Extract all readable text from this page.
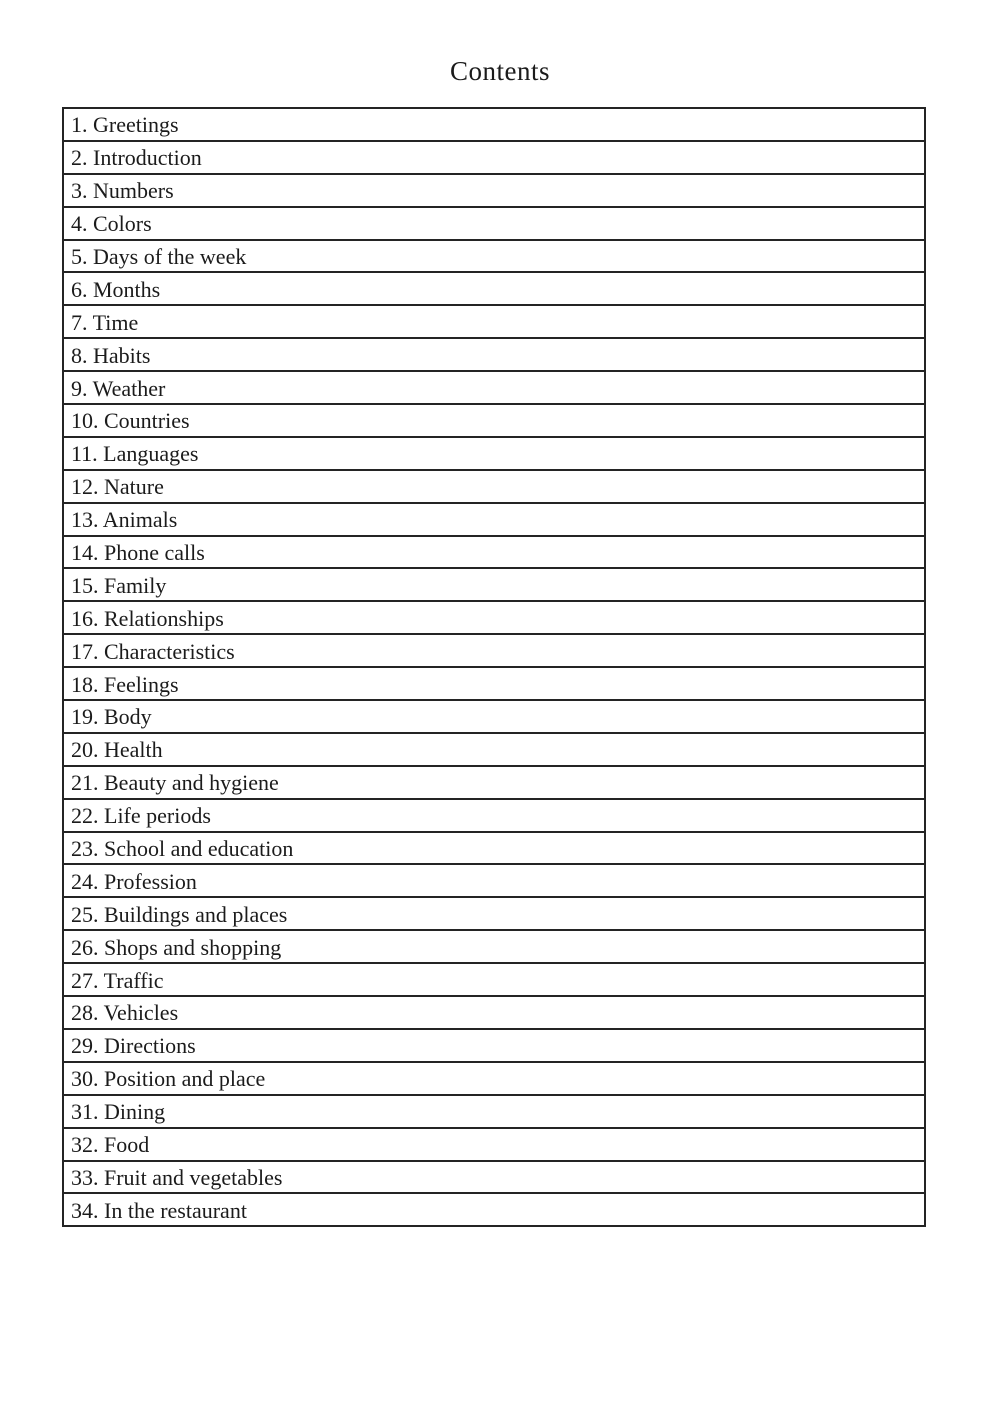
Contents
1. Greetings
2. Introduction
3. Numbers
4. Colors
5. Days of the week
6. Months
7. Time
8. Habits
9. Weather
10. Countries
11. Languages
12. Nature
13. Animals
14. Phone calls
15. Family
16. Relationships
17. Characteristics
18. Feelings
19. Body
20. Health
21. Beauty and hygiene
22. Life periods
23. School and education
24. Profession
25. Buildings and places
26. Shops and shopping
27. Traffic
28. Vehicles
29. Directions
30. Position and place
31. Dining
32. Food
33. Fruit and vegetables
34. In the restaurant
